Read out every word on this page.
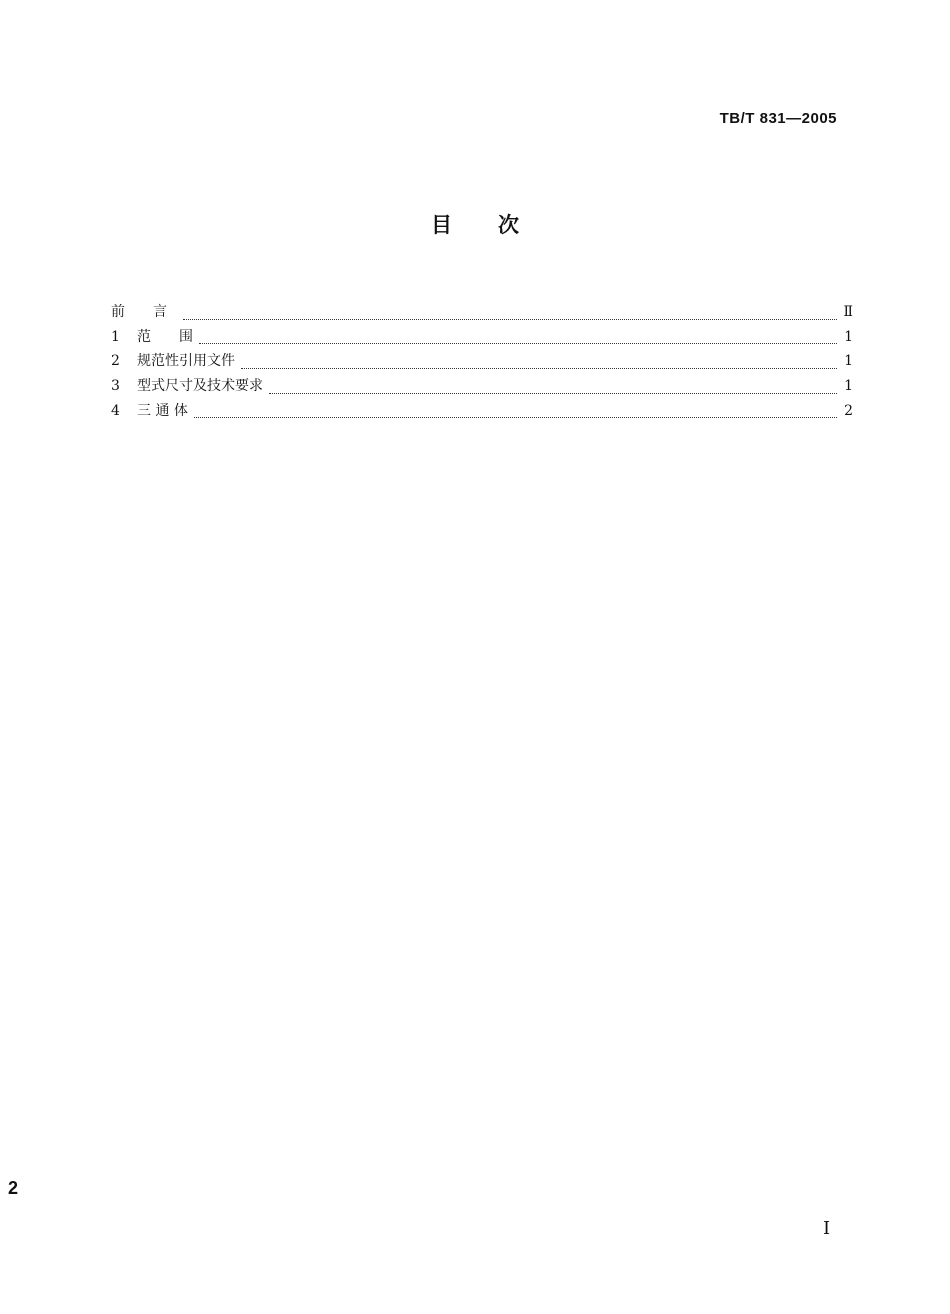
TB/T 831—2005
目 次
前　　言	Ⅱ
1	范　　围	1
2	规范性引用文件	1
3	型式尺寸及技术要求	1
4	三 通 体	2
2
I
